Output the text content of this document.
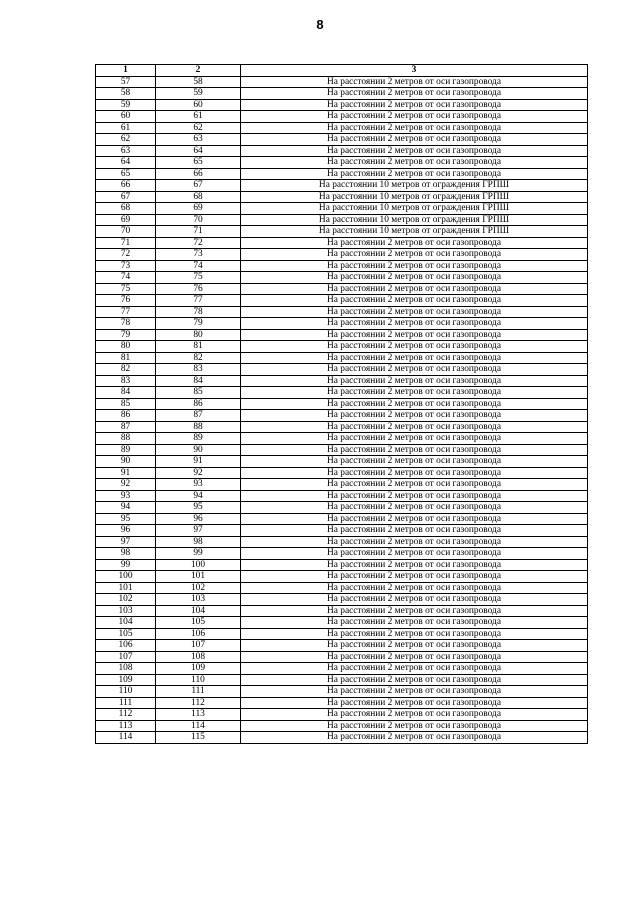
8
1	2	3
57	58	На расстоянии 2 метров от оси газопровода
58	59	На расстоянии 2 метров от оси газопровода
59	60	На расстоянии 2 метров от оси газопровода
60	61	На расстоянии 2 метров от оси газопровода
61	62	На расстоянии 2 метров от оси газопровода
62	63	На расстоянии 2 метров от оси газопровода
63	64	На расстоянии 2 метров от оси газопровода
64	65	На расстоянии 2 метров от оси газопровода
65	66	На расстоянии 2 метров от оси газопровода
66	67	На расстоянии 10 метров от ограждения ГРПШ
67	68	На расстоянии 10 метров от ограждения ГРПШ
68	69	На расстоянии 10 метров от ограждения ГРПШ
69	70	На расстоянии 10 метров от ограждения ГРПШ
70	71	На расстоянии 10 метров от ограждения ГРПШ
71	72	На расстоянии 2 метров от оси газопровода
72	73	На расстоянии 2 метров от оси газопровода
73	74	На расстоянии 2 метров от оси газопровода
74	75	На расстоянии 2 метров от оси газопровода
75	76	На расстоянии 2 метров от оси газопровода
76	77	На расстоянии 2 метров от оси газопровода
77	78	На расстоянии 2 метров от оси газопровода
78	79	На расстоянии 2 метров от оси газопровода
79	80	На расстоянии 2 метров от оси газопровода
80	81	На расстоянии 2 метров от оси газопровода
81	82	На расстоянии 2 метров от оси газопровода
82	83	На расстоянии 2 метров от оси газопровода
83	84	На расстоянии 2 метров от оси газопровода
84	85	На расстоянии 2 метров от оси газопровода
85	86	На расстоянии 2 метров от оси газопровода
86	87	На расстоянии 2 метров от оси газопровода
87	88	На расстоянии 2 метров от оси газопровода
88	89	На расстоянии 2 метров от оси газопровода
89	90	На расстоянии 2 метров от оси газопровода
90	91	На расстоянии 2 метров от оси газопровода
91	92	На расстоянии 2 метров от оси газопровода
92	93	На расстоянии 2 метров от оси газопровода
93	94	На расстоянии 2 метров от оси газопровода
94	95	На расстоянии 2 метров от оси газопровода
95	96	На расстоянии 2 метров от оси газопровода
96	97	На расстоянии 2 метров от оси газопровода
97	98	На расстоянии 2 метров от оси газопровода
98	99	На расстоянии 2 метров от оси газопровода
99	100	На расстоянии 2 метров от оси газопровода
100	101	На расстоянии 2 метров от оси газопровода
101	102	На расстоянии 2 метров от оси газопровода
102	103	На расстоянии 2 метров от оси газопровода
103	104	На расстоянии 2 метров от оси газопровода
104	105	На расстоянии 2 метров от оси газопровода
105	106	На расстоянии 2 метров от оси газопровода
106	107	На расстоянии 2 метров от оси газопровода
107	108	На расстоянии 2 метров от оси газопровода
108	109	На расстоянии 2 метров от оси газопровода
109	110	На расстоянии 2 метров от оси газопровода
110	111	На расстоянии 2 метров от оси газопровода
111	112	На расстоянии 2 метров от оси газопровода
112	113	На расстоянии 2 метров от оси газопровода
113	114	На расстоянии 2 метров от оси газопровода
114	115	На расстоянии 2 метров от оси газопровода
